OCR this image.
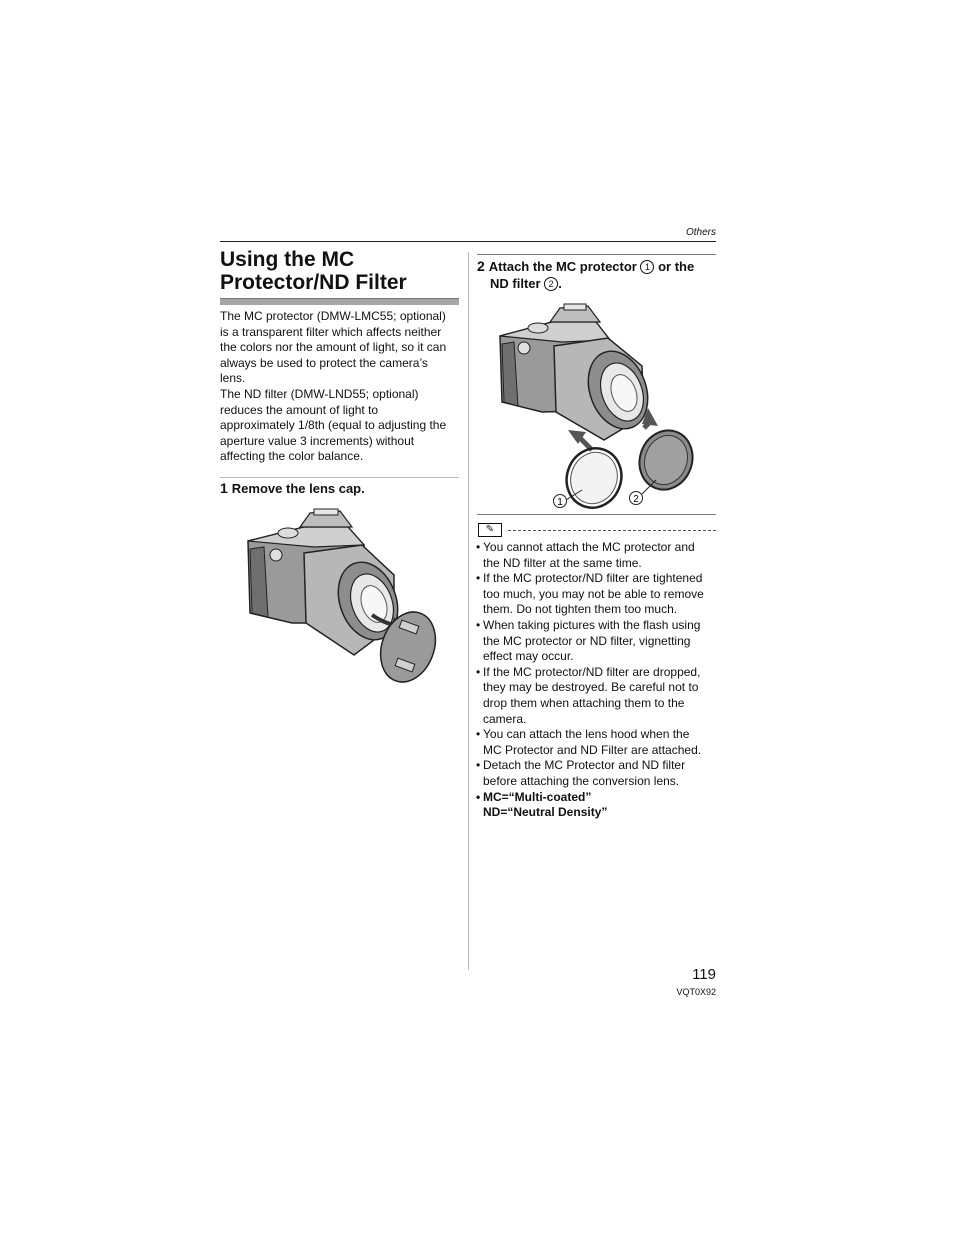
Others
Using the MC
Protector/ND Filter

The MC protector (DMW-LMC55; optional)
is a transparent filter which affects neither
the colors nor the amount of light, so it can
always be used to protect the camera’s
lens.

The ND filter (DMW-LND55; optional)
reduces the amount of light to
approximately 1/8th (equal to adjusting the
aperture value 3 increments) without
affecting the color balance.

1 Remove the lens cap.
2 Attach the MC protector 1 or the
ND filter 2 .
1	2
✎
• You cannot attach the MC protector and
the ND filter at the same time.
• If the MC protector/ND filter are tightened
too much, you may not be able to remove
them. Do not tighten them too much.
• When taking pictures with the flash using
the MC protector or ND filter, vignetting
effect may occur.
• If the MC protector/ND filter are dropped,
they may be destroyed. Be careful not to
drop them when attaching them to the
camera.
• You can attach the lens hood when the
MC Protector and ND Filter are attached.
• Detach the MC Protector and ND filter
before attaching the conversion lens.
• MC=“Multi-coated”
ND=“Neutral Density”
119
VQT0X92
